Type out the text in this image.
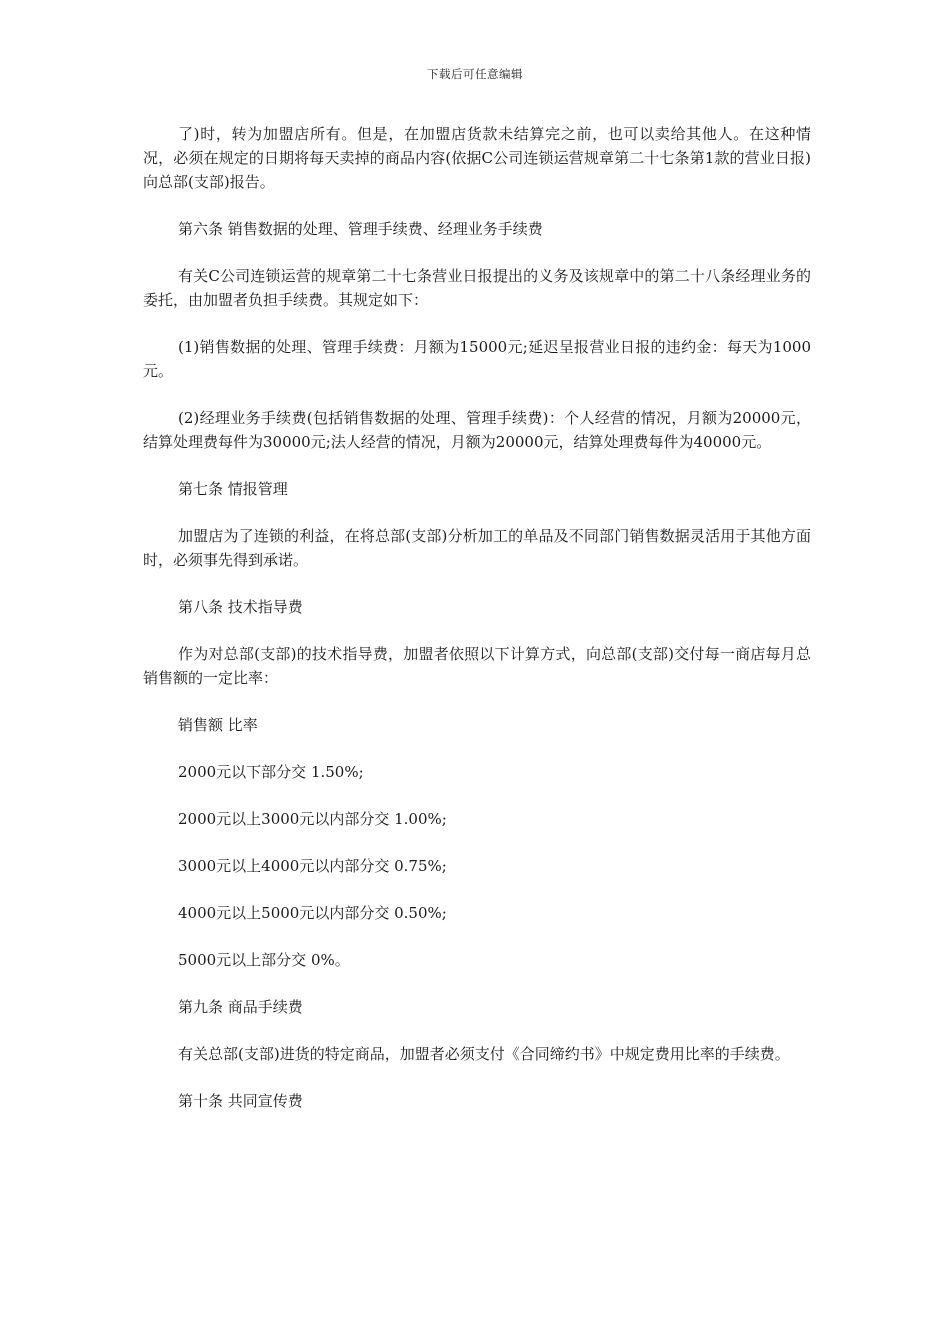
下载后可任意编辑

了)时，转为加盟店所有。但是，在加盟店货款未结算完之前，也可以卖给其他人。在这种情况，必须在规定的日期将每天卖掉的商品内容(依据C公司连锁运营规章第二十七条第1款的营业日报)向总部(支部)报告。

第六条 销售数据的处理、管理手续费、经理业务手续费

有关C公司连锁运营的规章第二十七条营业日报提出的义务及该规章中的第二十八条经理业务的委托，由加盟者负担手续费。其规定如下：

(1)销售数据的处理、管理手续费：月额为15000元;延迟呈报营业日报的违约金：每天为1000元。

(2)经理业务手续费(包括销售数据的处理、管理手续费)：个人经营的情况，月额为20000元，结算处理费每件为30000元;法人经营的情况，月额为20000元，结算处理费每件为40000元。

第七条 情报管理

加盟店为了连锁的利益，在将总部(支部)分析加工的单品及不同部门销售数据灵活用于其他方面时，必须事先得到承诺。

第八条 技术指导费

作为对总部(支部)的技术指导费，加盟者依照以下计算方式，向总部(支部)交付每一商店每月总销售额的一定比率：

销售额 比率

2000元以下部分交 1.50%;

2000元以上3000元以内部分交 1.00%;

3000元以上4000元以内部分交 0.75%;

4000元以上5000元以内部分交 0.50%;

5000元以上部分交 0%。

第九条 商品手续费

有关总部(支部)进货的特定商品，加盟者必须支付《合同缔约书》中规定费用比率的手续费。

第十条 共同宣传费
